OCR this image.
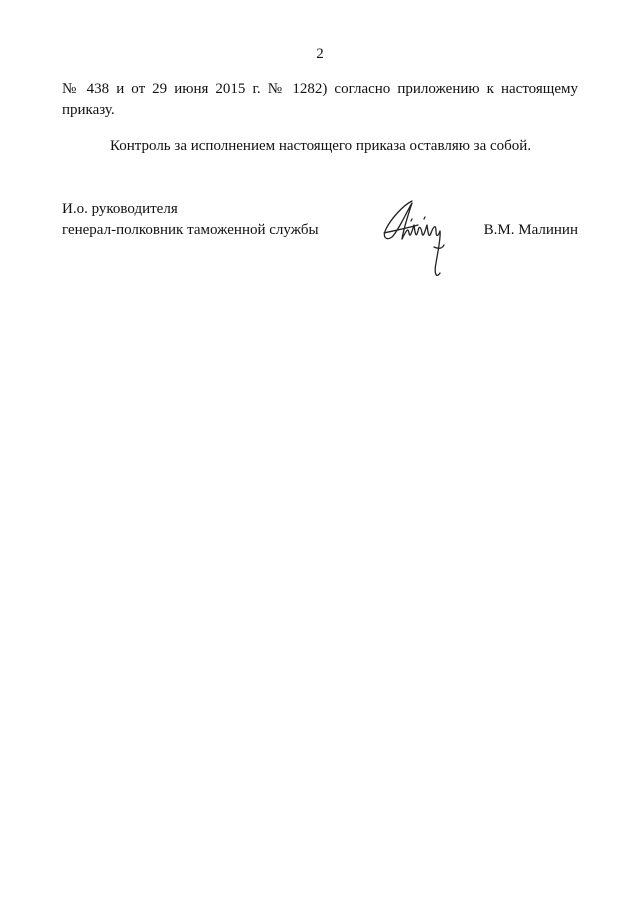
2
№ 438 и от 29 июня 2015 г. № 1282) согласно приложению к настоящему
приказу.
Контроль за исполнением настоящего приказа оставляю за собой.
И.о. руководителя
генерал-полковник таможенной службы	В.М. Малинин
